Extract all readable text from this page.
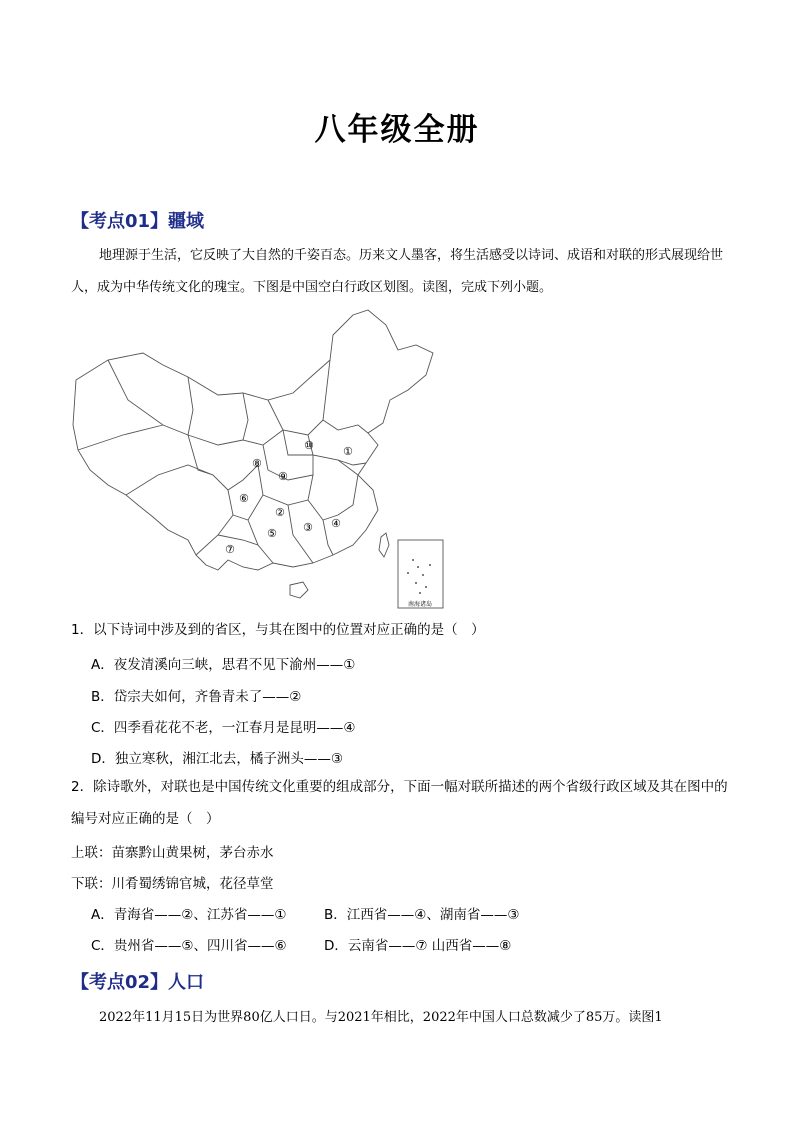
八年级全册
【考点01】疆域
地理源于生活，它反映了大自然的千姿百态。历来文人墨客，将生活感受以诗词、成语和对联的形式展现给世人，成为中华传统文化的瑰宝。下图是中国空白行政区划图。读图，完成下列小题。
南海诸岛
①
②
③ ④
⑤
⑥
⑦
⑧
⑨
⑩
1．以下诗词中涉及到的省区，与其在图中的位置对应正确的是（　）
A．夜发清溪向三峡，思君不见下渝州——①
B．岱宗夫如何，齐鲁青未了——②
C．四季看花花不老，一江春月是昆明——④
D．独立寒秋，湘江北去，橘子洲头——③
2．除诗歌外，对联也是中国传统文化重要的组成部分，下面一幅对联所描述的两个省级行政区域及其在图中的编号对应正确的是（　）
上联：苗寨黔山黄果树，茅台赤水
下联：川肴蜀绣锦官城，花径草堂
A．青海省——②、江苏省——①	B．江西省——④、湖南省——③
C．贵州省——⑤、四川省——⑥	D．云南省——⑦ 山西省——⑧
【考点02】人口
2022年11月15日为世界80亿人口日。与2021年相比，2022年中国人口总数减少了85万。读图1
